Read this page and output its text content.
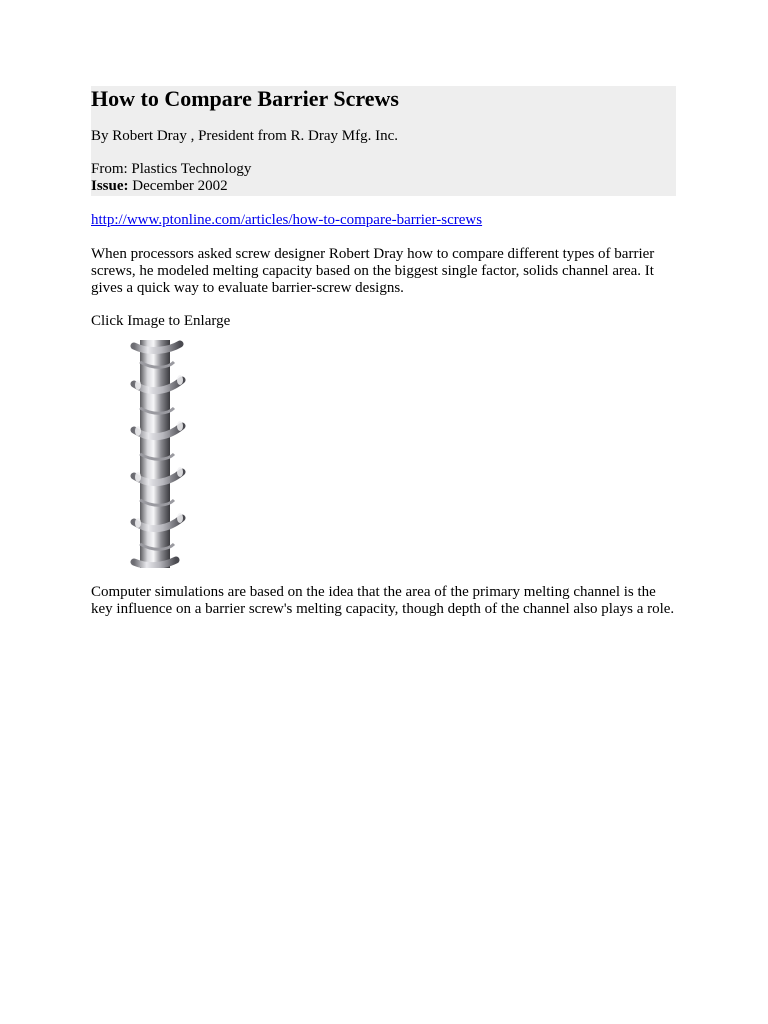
How to Compare Barrier Screws

By Robert Dray , President from R. Dray Mfg. Inc.

From: Plastics Technology

Issue: December 2002

http://www.ptonline.com/articles/how-to-compare-barrier-screws

When processors asked screw designer Robert Dray how to compare different types of barrier screws, he modeled melting capacity based on the biggest single factor, solids channel area. It gives a quick way to evaluate barrier-screw designs.

Click Image to Enlarge

Computer simulations are based on the idea that the area of the primary melting channel is the key influence on a barrier screw's melting capacity, though depth of the channel also plays a role.
